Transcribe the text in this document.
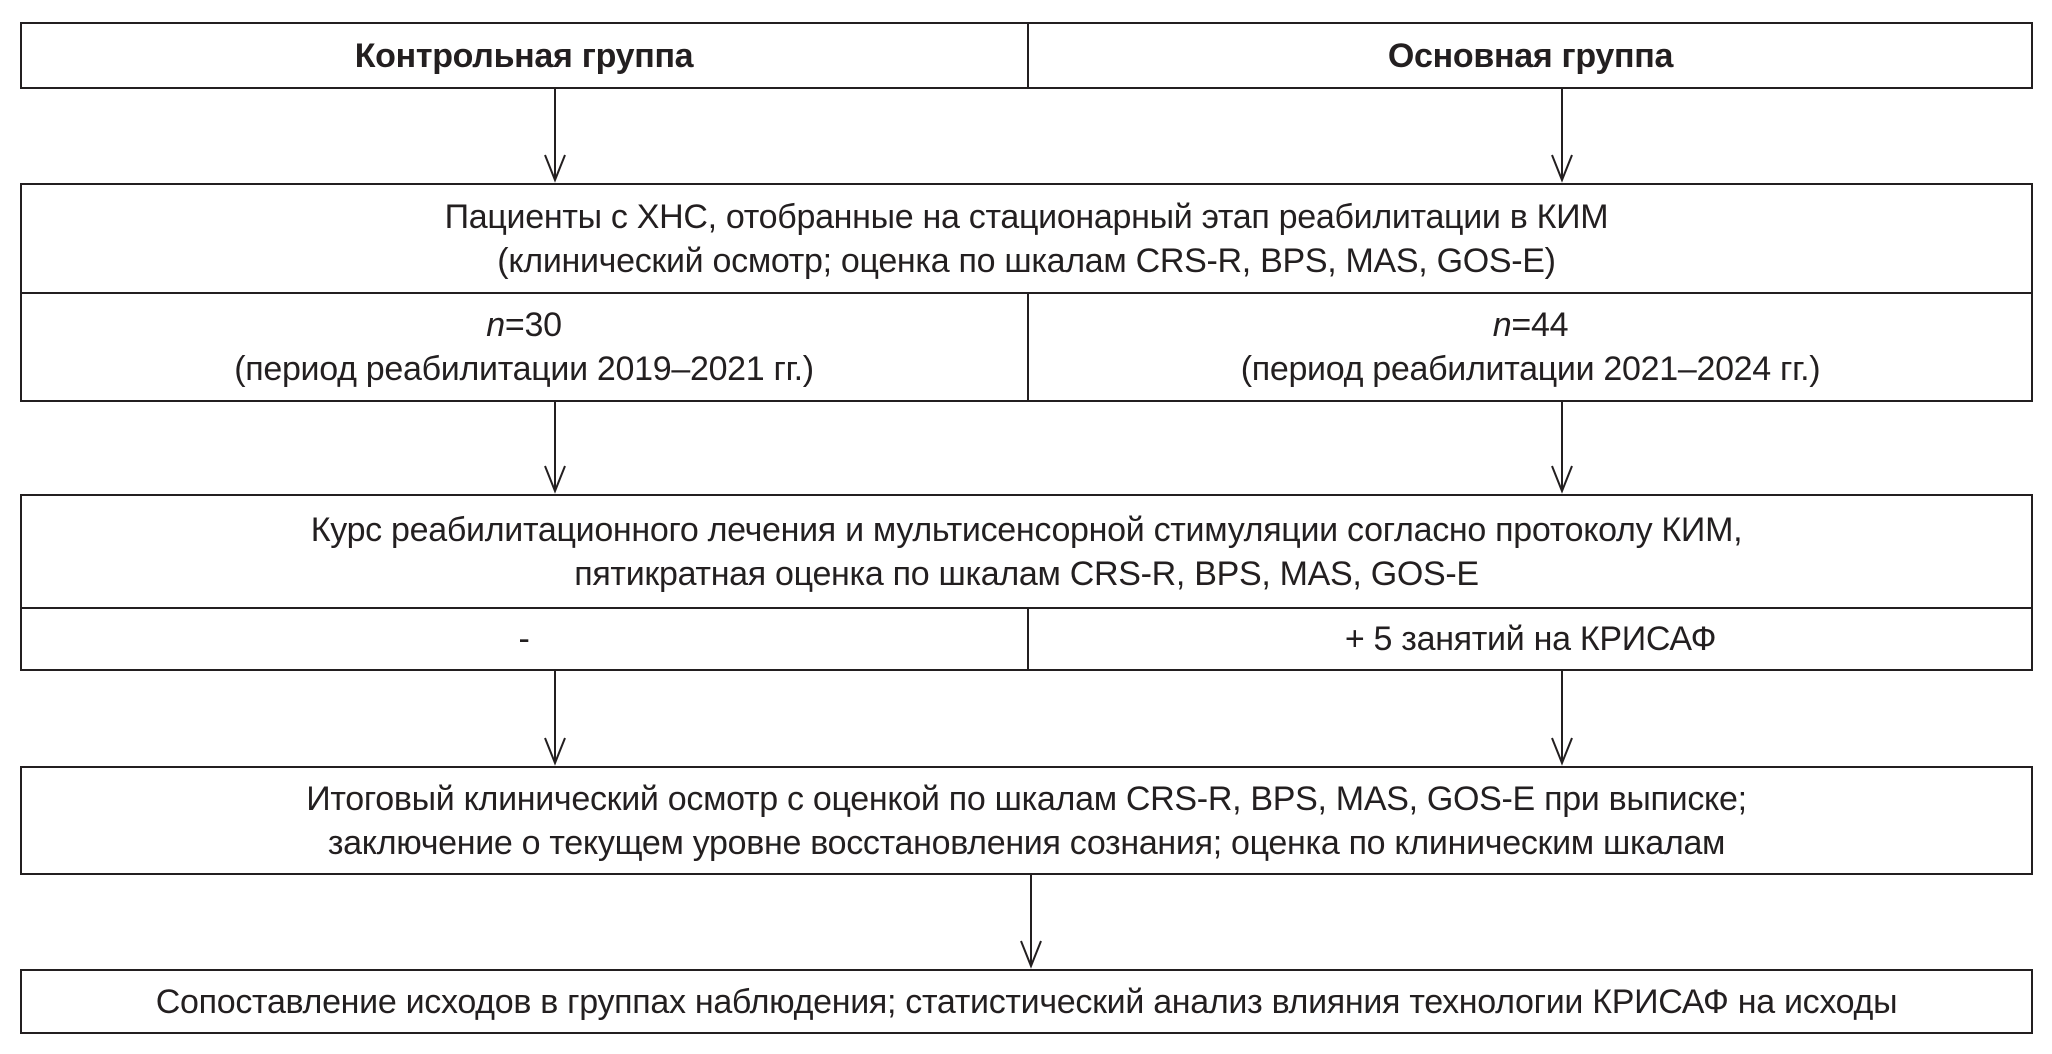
Контрольная группа	Основная группа
Пациенты с ХНС, отобранные на стационарный этап реабилитации в КИМ
(клинический осмотр; оценка по шкалам CRS-R, BPS, MAS, GOS-E)
n=30
(период реабилитации 2019–2021 гг.)
n=44
(период реабилитации 2021–2024 гг.)
Курс реабилитационного лечения и мультисенсорной стимуляции согласно протоколу КИМ,
пятикратная оценка по шкалам CRS-R, BPS, MAS, GOS-E
-	+ 5 занятий на КРИСАФ
Итоговый клинический осмотр с оценкой по шкалам CRS-R, BPS, MAS, GOS-E при выписке;
заключение о текущем уровне восстановления сознания; оценка по клиническим шкалам
Сопоставление исходов в группах наблюдения; статистический анализ влияния технологии КРИСАФ на исходы
